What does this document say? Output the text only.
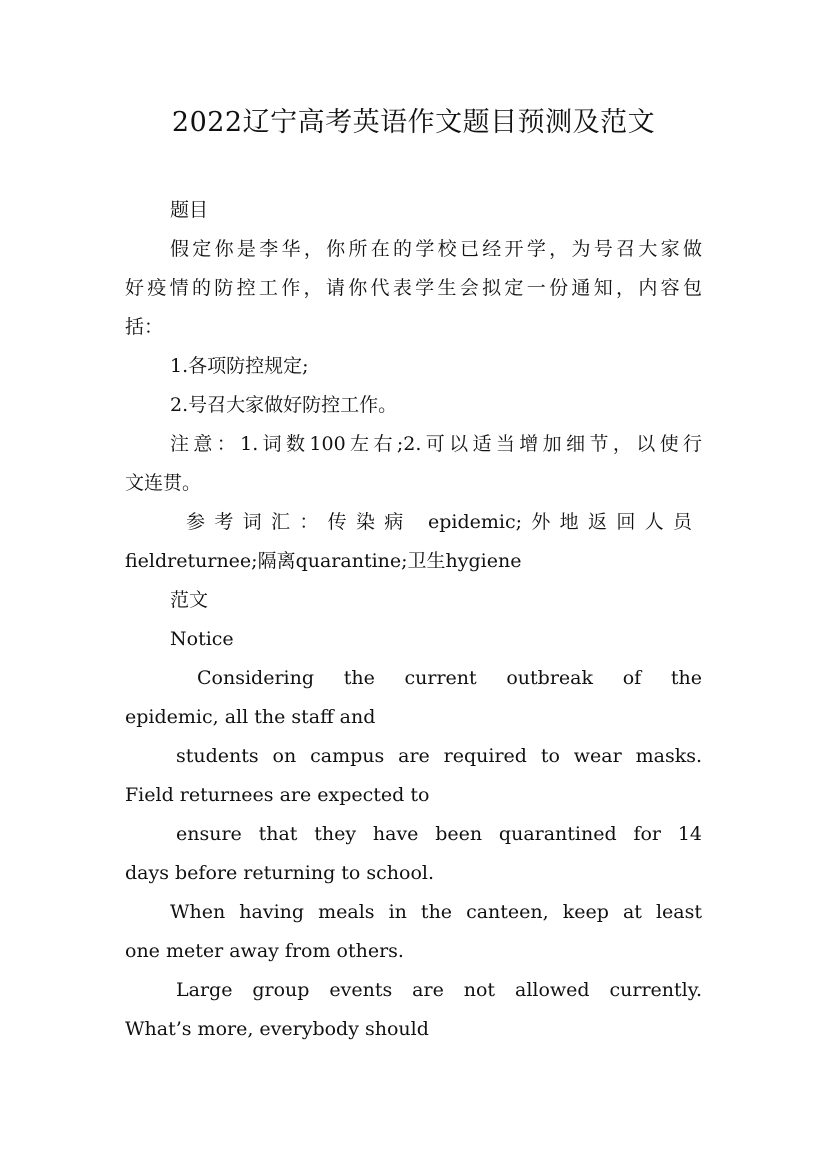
2022辽宁高考英语作文题目预测及范文
题目
假定你是李华，你所在的学校已经开学，为号召大家做
好疫情的防控工作，请你代表学生会拟定一份通知，内容包
括：
1.各项防控规定;
2.号召大家做好防控工作。
注意：1.词数100左右;2.可以适当增加细节，以使行
文连贯。
参考词汇：传染病 epidemic;外地返回人员
fieldreturnee;隔离quarantine;卫生hygiene
范文
Notice
Considering the current outbreak of the
epidemic, all the staff and
students on campus are required to wear masks.
Field returnees are expected to
ensure that they have been quarantined for 14
days before returning to school.
When having meals in the canteen, keep at least
one meter away from others.
Large group events are not allowed currently.
What’s more, everybody should
